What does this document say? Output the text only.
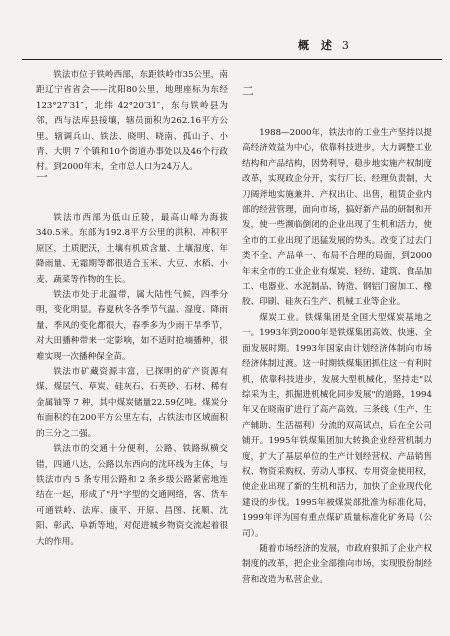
概 述 3

铁法市位于铁岭西部，东距铁岭市35公里，南距辽宁省省会——沈阳80公里，地理座标为东经 123°27′31″，北纬 42°20′31″，东与铁岭县为邻，西与法库县接壤，辖员面积为262.16平方公里。辖调兵山、铁法、晓明、晓南、孤山子、小青、大明 7 个镇和10个街道办事处以及46个行政村。到2000年末，全市总人口为24万人。

一

铁法市西部为低山丘陵，最高山峰为海拔340.5米。东部为192.8平方公里的洪积、冲积平原区，土质肥沃，土壤有机质含量、土壤湿度、年降雨量、无霜期等都很适合玉米、大豆、水稻、小麦、蔬菜等作物的生长。

铁法市处于北温带，属大陆性气候，四季分明，变化明显。春夏秋冬各季节气温、湿度、降雨量、季风的变化都很大，春季多为少雨干旱季节，对大田播种带来一定影响，如不适时抢墒播种，很难实现一次播种保全苗。

铁法市矿藏资源丰富，已探明的矿产资源有煤、煤层气、草炭、硅灰石、石英砂、石材、稀有金属铀等 7 种，其中煤炭储量22.59亿吨。煤炭分布面积约在200平方公里左右，占铁法市区域面积的三分之二强。

铁法市的交通十分便利，公路、铁路纵横交错，四通八达，公路以东西向的沈环线为主体，与铁法市内 5 条专用公路和 2 条乡级公路紧密地连结在一起，形成了"丹"字型的交通网络，客、货车可通铁岭、法库、康平、开原、昌图、抚顺、沈阳、彰武、阜新等地，对促进城乡物资交流起着很大的作用。

二

1988—2000年，铁法市的工业生产坚持以提高经济效益为中心，依靠科技进步，大力调整工业结构和产品结构，因势利导，稳步地实施产权制度改革，实现政企分开，实行厂长、经理负责制，大刀阔斧地实施兼并、产权出让、出售，租赁企业内部的经营管理，面向市场，搞好新产品的研制和开发，使一些濒临倒闭的企业出现了生机和活力，使全市的工业出现了迅猛发展的势头。改变了过去门类不全、产品单一、布局不合理的局面，到2000年末全市的工业企业有煤炭、轻纺、建筑、食品加工、电器业、水泥制品、铸造、钢铝门窗加工、橡胶、印刷、硅灰石生产、机械工业等企业。

煤炭工业。铁煤集团是全国大型煤炭基地之一。1993年到2000年是铁煤集团高效、快速、全面发展时期。1993年国家由计划经济体制向市场经济体制过渡。这一时期铁煤集团抓住这一有利时机，依靠科技进步，发展大型机械化，坚持走"以综采为主，抓掘进机械化同步发展"的道路，1994年又在晓南矿进行了高产高效、三条线（生产、生产辅助、生活福利）分流的双高试点，后在全公司铺开。1995年铁煤集团加大转换企业经营机制力度，扩大了基层单位的生产计划经营权、产品销售权、物资采购权、劳动人事权、专用资金使用权，使企业出现了新的生机和活力，加快了企业现代化建设的步伐。1995年被煤炭部批准为标准化局，1999年评为国有重点煤矿质量标准化矿务局（公司）。

随着市场经济的发展，市政府狠抓了企业产权制度的改革，把企业全部推向市场，实现股份制经营和改造为私营企业。
